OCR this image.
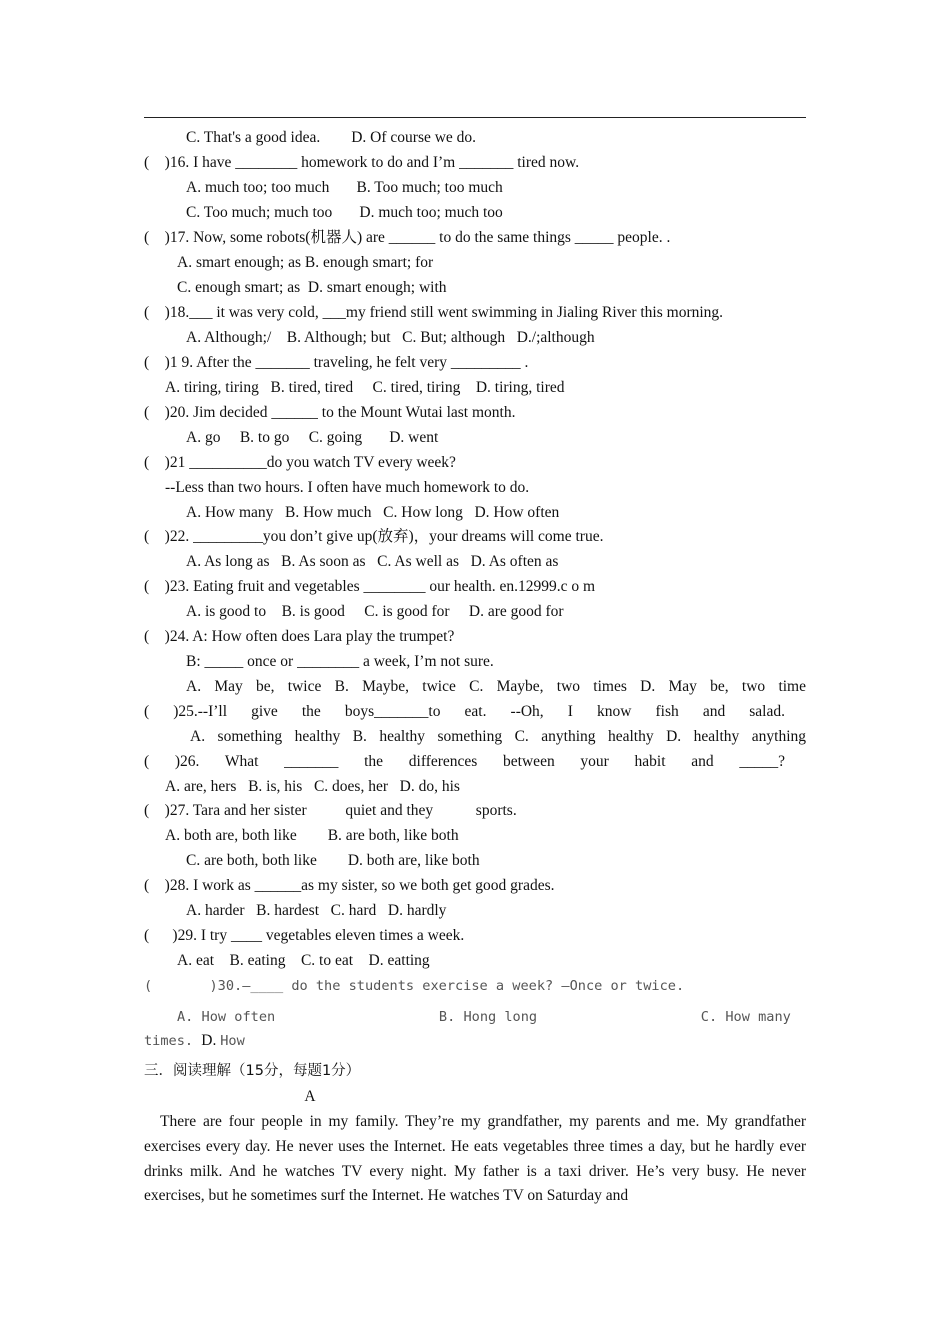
C. That's a good idea.        D. Of course we do.
(    )16. I have ________ homework to do and I’m _______ tired now.
A. much too; too much       B. Too much; too much
C. Too much; much too       D. much too; much too
(    )17. Now, some robots(机器人) are ______ to do the same things _____ people. .
A. smart enough; as B. enough smart; for
C. enough smart; as  D. smart enough; with
(    )18.___ it was very cold, ___my friend still went swimming in Jialing River this morning.
A. Although;/    B. Although; but   C. But; although   D./;although
(    )1 9. After the _______ traveling, he felt very _________ .
A. tiring, tiring   B. tired, tired     C. tired, tiring    D. tiring, tired
(    )20. Jim decided ______ to the Mount Wutai last month.
A. go     B. to go     C. going       D. went
(    )21 __________do you watch TV every week?
--Less than two hours. I often have much homework to do.
A. How many   B. How much   C. How long   D. How often
(    )22. _________you don’t give up(放弃)，your dreams will come true.
A. As long as   B. As soon as   C. As well as   D. As often as
(    )23. Eating fruit and vegetables ________ our health. en.12999.c o m
A. is good to    B. is good     C. is good for     D. are good for
(    )24. A: How often does Lara play the trumpet?
B: _____ once or ________ a week, I’m not sure.
A. May be, twice B. Maybe, twice C. Maybe, two times D. May be, two time
( )25.--I’ll give the boys_______to eat. --Oh, I know fish and salad.
A. something healthy B. healthy something C. anything healthy D. healthy anything
( )26. What _______ the differences between your habit and _____?
A. are, hers   B. is, his   C. does, her   D. do, his
(    )27. Tara and her sister          quiet and they           sports.
A. both are, both like        B. are both, like both
C. are both, both like        D. both are, like both
(    )28. I work as ______as my sister, so we both get good grades.
A. harder   B. hardest   C. hard   D. hardly
(      )29. I try ____ vegetables eleven times a week.
A. eat    B. eating    C. to eat    D. eatting
(       )30.—____ do the students exercise a week? —Once or twice.
A. How often                    B. Hong long                    C. How many
times. D. How
三．阅读理解（15分，每题1分）
A

There are four people in my family. They’re my grandfather, my parents and me. My grandfather exercises every day. He never uses the Internet. He eats vegetables three times a day, but he hardly ever drinks milk. And he watches TV every night. My father is a taxi driver. He’s very busy. He never exercises, but he sometimes surf the Internet. He watches TV on Saturday and
